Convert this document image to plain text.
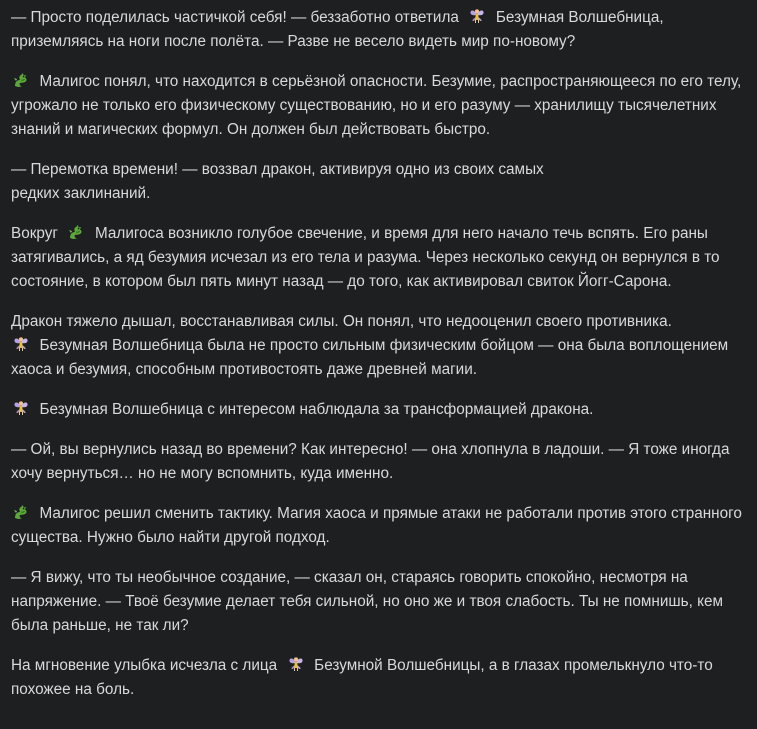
— Просто поделилась частичкой себя! — беззаботно ответила
Безумная Волшебница,
приземляясь на ноги после полёта. — Разве не весело видеть мир по-новому?

Малигос понял, что находится в серьёзной опасности. Безумие, распространяющееся по его телу, угрожало не только его физическому существованию, но и его разуму — хранилищу тысячелетних знаний и магических формул. Он должен был действовать быстро.

— Перемотка времени! — воззвал дракон, активируя одно из своих самых
редких заклинаний.

Вокруг
Малигоса возникло голубое свечение, и время для него начало течь вспять. Его раны затягивались, а яд безумия исчезал из его тела и разума. Через несколько секунд он вернулся в то состояние, в котором был пять минут назад — до того, как активировал свиток Йогг-Сарона.

Дракон тяжело дышал, восстанавливая силы. Он понял, что недооценил своего противника.

Безумная Волшебница была не просто сильным физическим бойцом — она была воплощением хаоса и безумия, способным противостоять даже древней магии.

Безумная Волшебница с интересом наблюдала за трансформацией дракона.

— Ой, вы вернулись назад во времени? Как интересно! — она хлопнула в ладоши. — Я тоже иногда хочу вернуться… но не могу вспомнить, куда именно.

Малигос решил сменить тактику. Магия хаоса и прямые атаки не работали против этого странного существа. Нужно было найти другой подход.

— Я вижу, что ты необычное создание, — сказал он, стараясь говорить спокойно, несмотря на напряжение. — Твоё безумие делает тебя сильной, но оно же и твоя слабость. Ты не помнишь, кем была раньше, не так ли?

На мгновение улыбка исчезла с лица
Безумной Волшебницы, а в глазах промелькнуло что-то похожее на боль.
